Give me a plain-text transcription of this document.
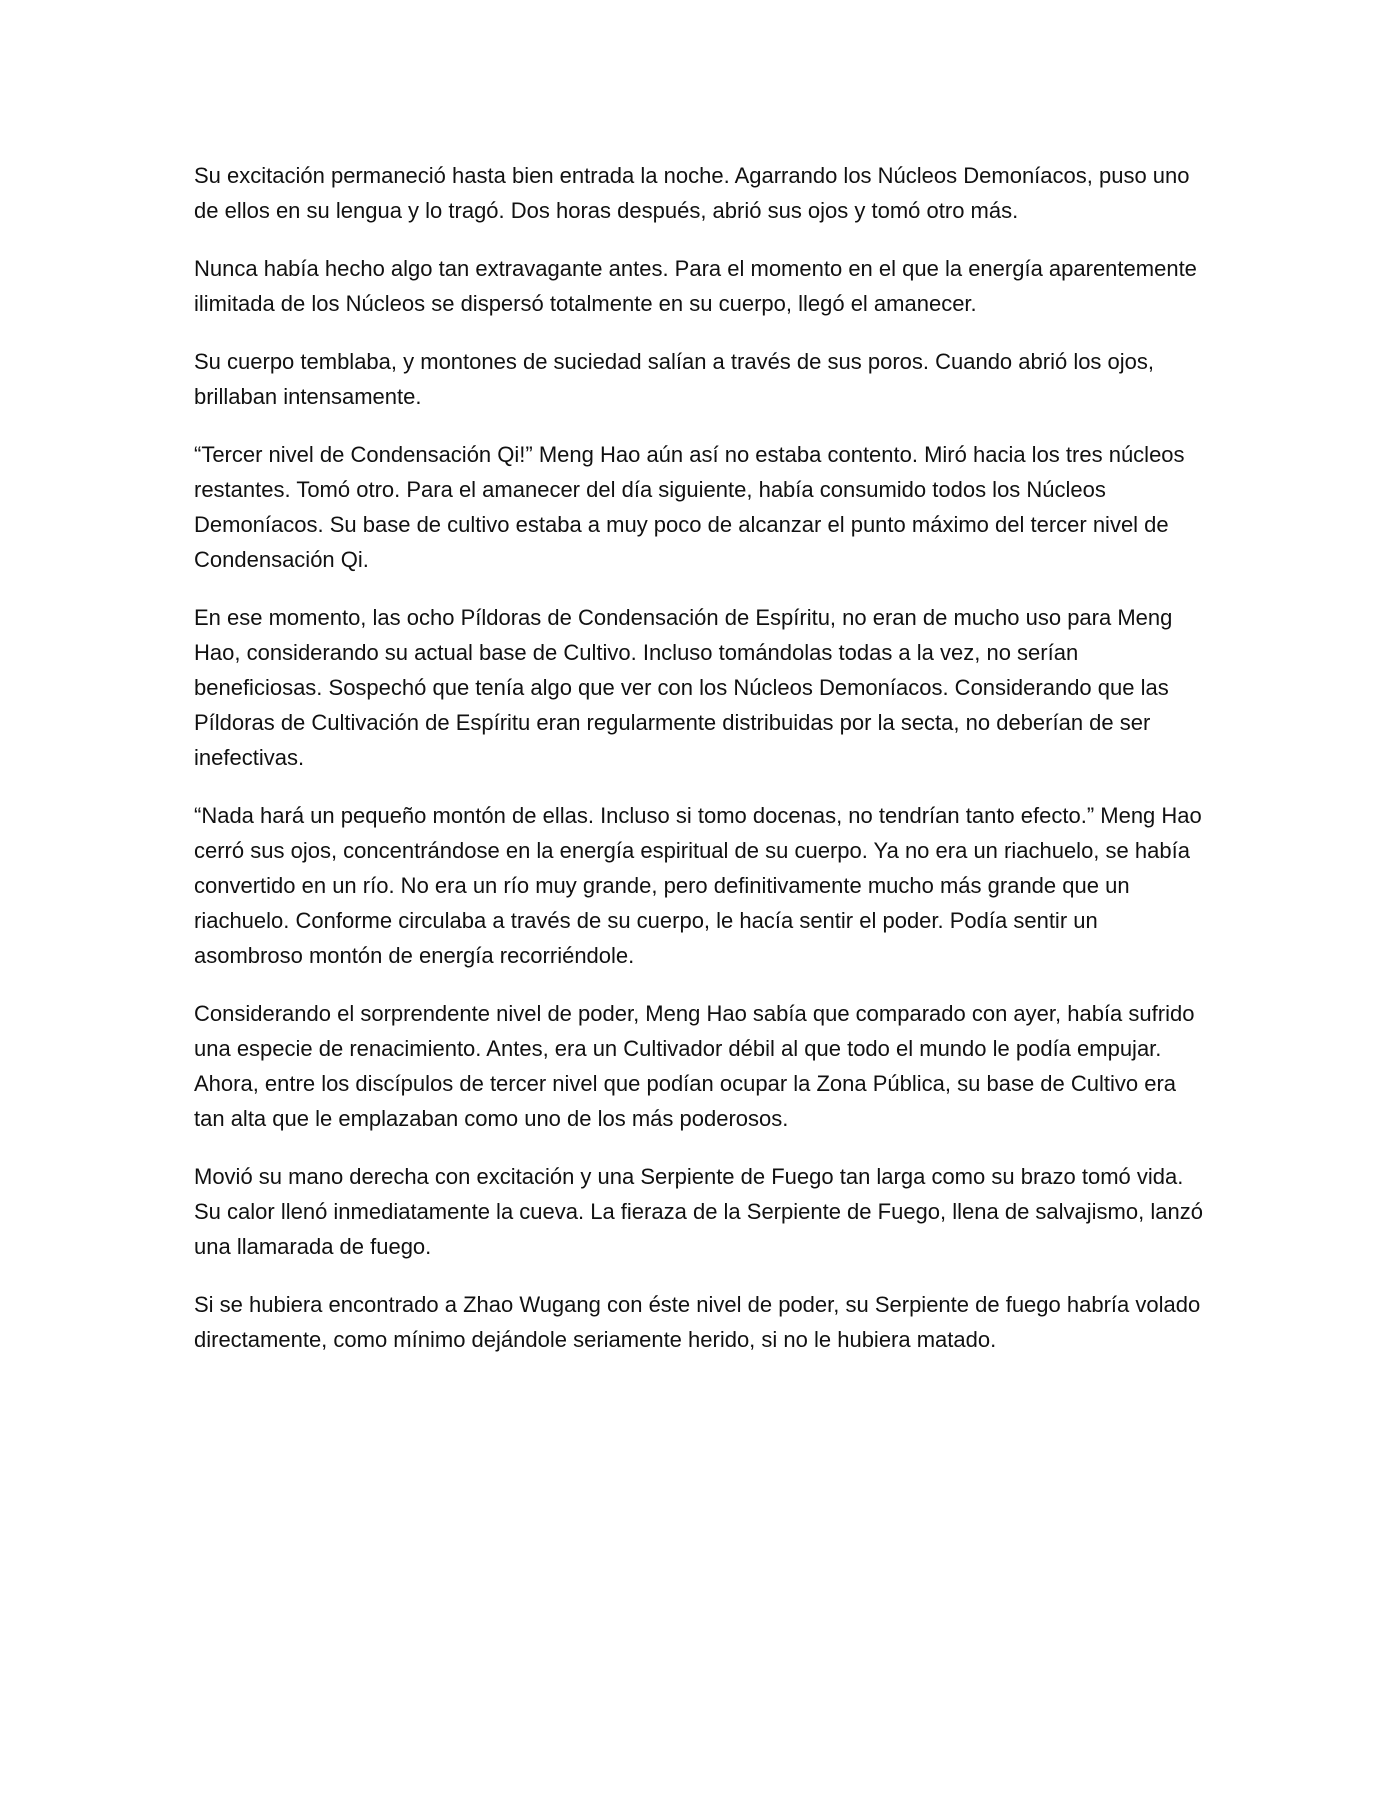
Su excitación permaneció hasta bien entrada la noche. Agarrando los Núcleos Demoníacos, puso uno de ellos en su lengua y lo tragó. Dos horas después, abrió sus ojos y tomó otro más.

Nunca había hecho algo tan extravagante antes. Para el momento en el que la energía aparentemente ilimitada de los Núcleos se dispersó totalmente en su cuerpo, llegó el amanecer.

Su cuerpo temblaba, y montones de suciedad salían a través de sus poros. Cuando abrió los ojos, brillaban intensamente.

“Tercer nivel de Condensación Qi!” Meng Hao aún así no estaba contento. Miró hacia los tres núcleos restantes. Tomó otro. Para el amanecer del día siguiente, había consumido todos los Núcleos Demoníacos. Su base de cultivo estaba a muy poco de alcanzar el punto máximo del tercer nivel de Condensación Qi.

En ese momento, las ocho Píldoras de Condensación de Espíritu, no eran de mucho uso para Meng Hao, considerando su actual base de Cultivo. Incluso tomándolas todas a la vez, no serían beneficiosas. Sospechó que tenía algo que ver con los Núcleos Demoníacos. Considerando que las Píldoras de Cultivación de Espíritu eran regularmente distribuidas por la secta, no deberían de ser inefectivas.

“Nada hará un pequeño montón de ellas. Incluso si tomo docenas, no tendrían tanto efecto.” Meng Hao cerró sus ojos, concentrándose en la energía espiritual de su cuerpo. Ya no era un riachuelo, se había convertido en un río. No era un río muy grande, pero definitivamente mucho más grande que un riachuelo. Conforme circulaba a través de su cuerpo, le hacía sentir el poder. Podía sentir un asombroso montón de energía recorriéndole.

Considerando el sorprendente nivel de poder, Meng Hao sabía que comparado con ayer, había sufrido una especie de renacimiento. Antes, era un Cultivador débil al que todo el mundo le podía empujar. Ahora, entre los discípulos de tercer nivel que podían ocupar la Zona Pública, su base de Cultivo era tan alta que le emplazaban como uno de los más poderosos.

Movió su mano derecha con excitación y una Serpiente de Fuego tan larga como su brazo tomó vida. Su calor llenó inmediatamente la cueva. La fieraza de la Serpiente de Fuego, llena de salvajismo, lanzó una llamarada de fuego.

Si se hubiera encontrado a Zhao Wugang con éste nivel de poder, su Serpiente de fuego habría volado directamente, como mínimo dejándole seriamente herido, si no le hubiera matado.
